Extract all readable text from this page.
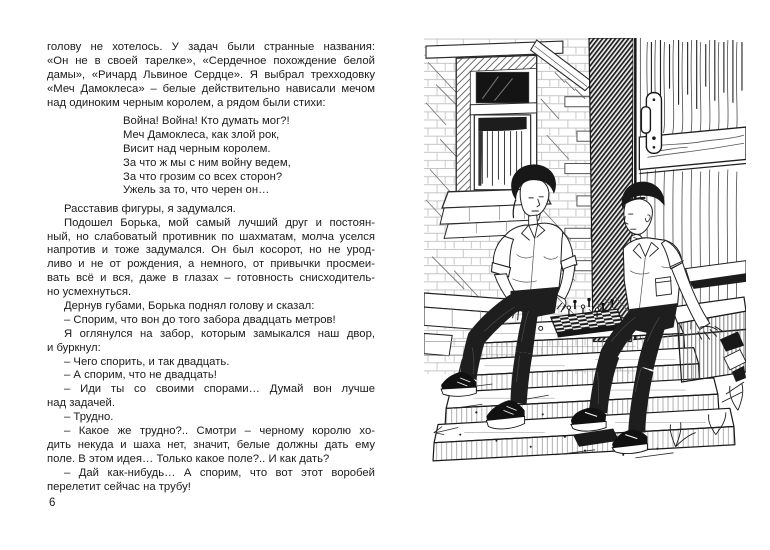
голову не хотелось. У задач были странные названия:
«Он не в своей тарелке», «Сердечное похождение белой
дамы», «Ричард Львиное Сердце». Я выбрал трехходовку
«Меч Дамоклеса» – белые действительно нависали мечом
над одиноким черным королем, а рядом были стихи:
Война! Война! Кто думать мог?!
Меч Дамоклеса, как злой рок,
Висит над черным королем.
За что ж мы с ним войну ведем,
За что грозим со всех сторон?
Ужель за то, что черен он…
Расставив фигуры, я задумался.
Подошел Борька, мой самый лучший друг и постоян-
ный, но слабоватый противник по шахматам, молча уселся
напротив и тоже задумался. Он был косорот, но не урод-
ливо и не от рождения, а немного, от привычки просмеи-
вать всё и вся, даже в глазах – готовность снисходитель-
но усмехнуться.
Дернув губами, Борька поднял голову и сказал:
– Спорим, что вон до того забора двадцать метров!
Я оглянулся на забор, которым замыкался наш двор,
и буркнул:
– Чего спорить, и так двадцать.
– А спорим, что не двадцать!
– Иди ты со своими спорами… Думай вон лучше
над задачей.
– Трудно.
– Какое же трудно?.. Смотри – черному королю хо-
дить некуда и шаха нет, значит, белые должны дать ему
поле. В этом идея… Только какое поле?.. И как дать?
– Дай как-нибудь… А спорим, что вот этот воробей
перелетит сейчас на трубу!
6
